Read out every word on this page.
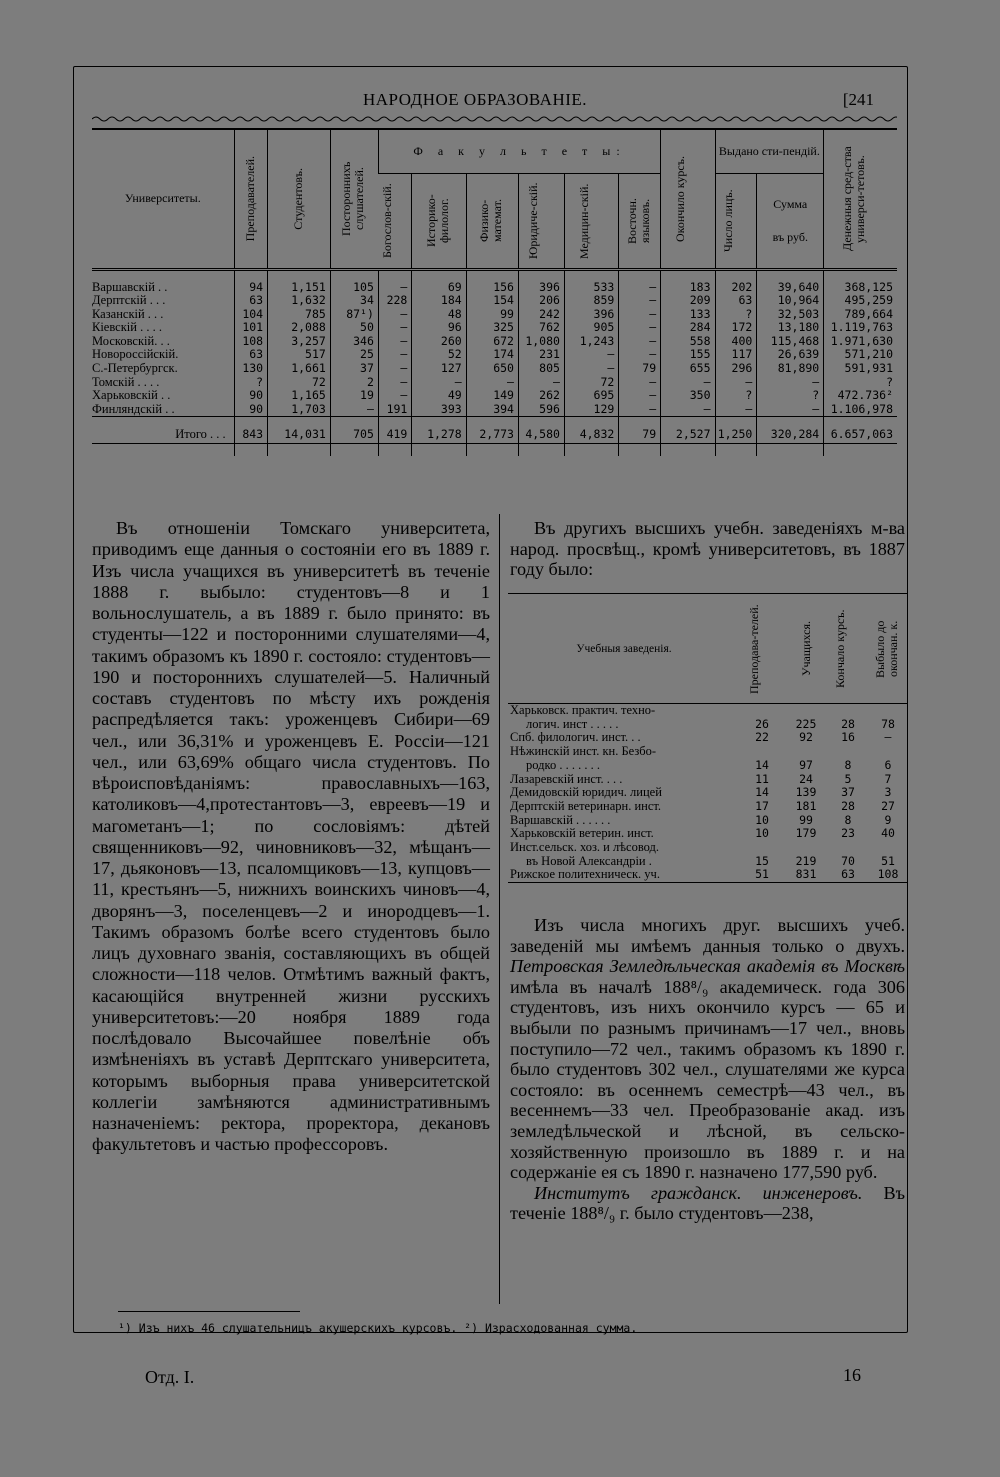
НАРОДНОЕ ОБРАЗОВАНІЕ.	[241
Университеты.	Преподавателей.	Студентовъ.	Постороннихъ слушателей.	Ф а к у л ь т е т ы:						Окончило курсъ.	Выдано сти-пендій.		Денежныя сред-ства универси-тетовъ.

				Богослов-скій.	Историко-филолог.	Физико-математ.	Юридиче-скій.	Медицин-скій.	Восточн. языковъ.		Число лицъ.	Сумма
въ руб.	

Варшавскій . .	94	1,151	105	—	69	156	396	533	—	183	202	39,640	368,125
Дерптскій . . .	63	1,632	34	228	184	154	206	859	—	209	63	10,964	495,259
Казанскій . . .	104	785	87¹)	—	48	99	242	396	—	133	?	32,503	789,664
Кіевскій . . . .	101	2,088	50	—	96	325	762	905	—	284	172	13,180	1.119,763
Московскій. . .	108	3,257	346	—	260	672	1,080	1,243	—	558	400	115,468	1.971,630
Новороссійскій.	63	517	25	—	52	174	231	—	—	155	117	26,639	571,210
С.-Петербургск.	130	1,661	37	—	127	650	805	—	79	655	296	81,890	591,931
Томскій . . . .	?	72	2	—	—	—	—	72	—	—	—	—	?
Харьковскій . .	90	1,165	19	—	49	149	262	695	—	350	?	?	472.736²
Финляндскій . .	90	1,703	—	191	393	394	596	129	—	—	—	—	1.106,978

Итого . . .	843	14,031	705	419	1,278	2,773	4,580	4,832	79	2,527	1,250	320,284	6.657,063

Въ отношеніи Томскаго университета, приводимъ еще данныя о состояніи его въ 1889 г. Изъ числа учащихся въ университетѣ въ теченіе 1888 г. выбыло: студентовъ—8 и 1 вольнослушатель, а въ 1889 г. было принято: въ студенты—122 и посторонними слушателями—4, такимъ образомъ къ 1890 г. состояло: студентовъ—190 и постороннихъ слушателей—5. Наличный составъ студентовъ по мѣсту ихъ рожденія распредѣляется такъ: уроженцевъ Сибири—69 чел., или 36,31% и уроженцевъ Е. Россіи—121 чел., или 63,69% общаго числа студентовъ. По вѣроисповѣданіямъ: православныхъ—163, католиковъ—4,протестантовъ—3, евреевъ—19 и магометанъ—1; по сословіямъ: дѣтей священниковъ—92, чиновниковъ—32, мѣщанъ—17, дьяконовъ—13, псаломщиковъ—13, купцовъ—11, крестьянъ—5, нижнихъ воинскихъ чиновъ—4, дворянъ—3, поселенцевъ—2 и инородцевъ—1. Такимъ образомъ болѣе всего студентовъ было лицъ духовнаго званія, составляющихъ въ общей сложности—118 челов. Отмѣтимъ важный фактъ, касающійся внутренней жизни русскихъ университетовъ:—20 ноября 1889 года послѣдовало Высочайшее повелѣніе объ измѣненіяхъ въ уставѣ Дерптскаго университета, которымъ выборныя права университетской коллегіи замѣняются административнымъ назначеніемъ: ректора, проректора, декановъ факультетовъ и частью профессоровъ.

Въ другихъ высшихъ учебн. заведеніяхъ м-ва народ. просвѣщ., кромѣ университетовъ, въ 1887 году было:

Учебныя заведенія.	Преподава-телей.	Учащихся.	Кончало курсъ.	Выбыло до окончан. к.

Харьковск. практич. техно-
логич. инст . . . . .	26	225	28	78

Спб. филологич. инст. . .	22	92	16	—

Нѣжинскій инст. кн. Безбо-
родко . . . . . . .	14	97	8	6

Лазаревскій инст. . . .	11	24	5	7

Демидовскій юридич. лицей	14	139	37	3

Дерптскій ветеринарн. инст.	17	181	28	27

Варшавскій . . . . . .	10	99	8	9

Харьковскій ветерин. инст.	10	179	23	40

Инст.сельск. хоз. и лѣсовод.
въ Новой Александріи .	15	219	70	51

Рижское политехническ. уч.	51	831	63	108

Изъ числа многихъ друг. высшихъ учеб. заведеній мы имѣемъ данныя только о двухъ. Петровская Земледѣльческая академія въ Москвѣ имѣла въ началѣ 188⁸/₉ академическ. года 306 студентовъ, изъ нихъ окончило курсъ — 65 и выбыли по разнымъ причинамъ—17 чел., вновь поступило—72 чел., такимъ образомъ къ 1890 г. было студентовъ 302 чел., слушателями же курса состояло: въ осеннемъ семестрѣ—43 чел., въ весеннемъ—33 чел. Преобразованіе акад. изъ земледѣльческой и лѣсной, въ сельско-хозяйственную произошло въ 1889 г. и на содержаніе ея съ 1890 г. назначено 177,590 руб.

Институтъ гражданск. инженеровъ. Въ теченіе 188⁸/₉ г. было студентовъ—238,

¹) Изъ нихъ 46 слушательницъ акушерскихъ курсовъ. ²) Израсходованная сумма.
Отд. I.	16
